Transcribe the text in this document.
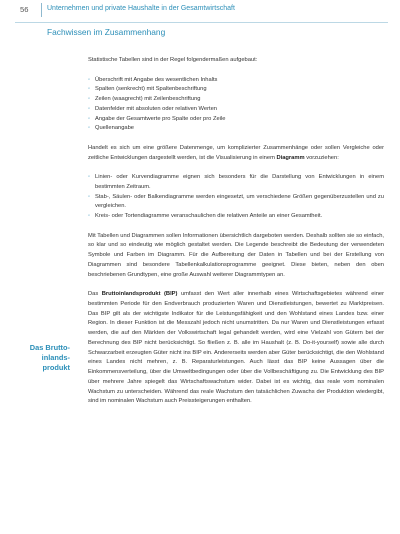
56	Unternehmen und private Haushalte in der Gesamtwirtschaft
Fachwissen im Zusammenhang
Das Brutto-
inlands-
produkt

Statistische Tabellen sind in der Regel folgendermaßen aufgebaut:

◦ Überschrift mit Angabe des wesentlichen Inhalts
◦ Spalten (senkrecht) mit Spaltenbeschriftung
◦ Zeilen (waagrecht) mit Zeilenbeschriftung
◦ Datenfelder mit absoluten oder relativen Werten
◦ Angabe der Gesamtwerte pro Spalte oder pro Zeile
◦ Quellenangabe

Handelt es sich um eine größere Datenmenge, um komplizierter Zusammenhänge oder sollen Vergleiche oder zeitliche Entwicklungen dargestellt werden, ist die Visualisierung in einem Diagramm vorzuziehen:

◦ Linien- oder Kurvendiagramme eignen sich besonders für die Darstellung von Entwicklungen in einem bestimmten Zeitraum.
◦ Stab-, Säulen- oder Balkendiagramme werden eingesetzt, um verschiedene Größen gegenüberzustellen und zu vergleichen.
◦ Kreis- oder Tortendiagramme veranschaulichen die relativen Anteile an einer Gesamtheit.

Mit Tabellen und Diagrammen sollen Informationen übersichtlich dargeboten werden. Deshalb sollten sie so einfach, so klar und so eindeutig wie möglich gestaltet werden. Die Legende beschreibt die Bedeutung der verwendeten Symbole und Farben im Diagramm. Für die Aufbereitung der Daten in Tabellen und bei der Erstellung von Diagrammen sind besondere Tabellenkalkulationsprogramme geeignet. Diese bieten, neben den oben beschriebenen Grundtypen, eine große Auswahl weiterer Diagrammtypen an.

Das Bruttoinlandsprodukt (BIP) umfasst den Wert aller innerhalb eines Wirtschaftsgebietes während einer bestimmten Periode für den Endverbrauch produzierten Waren und Dienstleistungen, bewertet zu Marktpreisen. Das BIP gilt als der wichtigste Indikator für die Leistungsfähigkeit und den Wohlstand eines Landes bzw. einer Region. In dieser Funktion ist die Messzahl jedoch nicht unumstritten. Da nur Waren und Dienstleistungen erfasst werden, die auf den Märkten der Volkswirtschaft legal gehandelt werden, wird eine Vielzahl von Gütern bei der Berechnung des BIP nicht berücksichtigt. So fließen z. B. alle im Haushalt (z. B. Do-it-yourself) sowie alle durch Schwarzarbeit erzeugten Güter nicht ins BIP ein. Andererseits werden aber Güter berücksichtigt, die den Wohlstand eines Landes nicht mehren, z. B. Reparaturleistungen. Auch lässt das BIP keine Aussagen über die Einkommensverteilung, über die Umweltbedingungen oder über die Vollbeschäftigung zu. Die Entwicklung des BIP über mehrere Jahre spiegelt das Wirtschaftswachstum wider. Dabei ist es wichtig, das reale vom nominalen Wachstum zu unterscheiden. Während das reale Wachstum den tatsächlichen Zuwachs der Produktion wiedergibt, sind im nominalen Wachstum auch Preissteigerungen enthalten.
